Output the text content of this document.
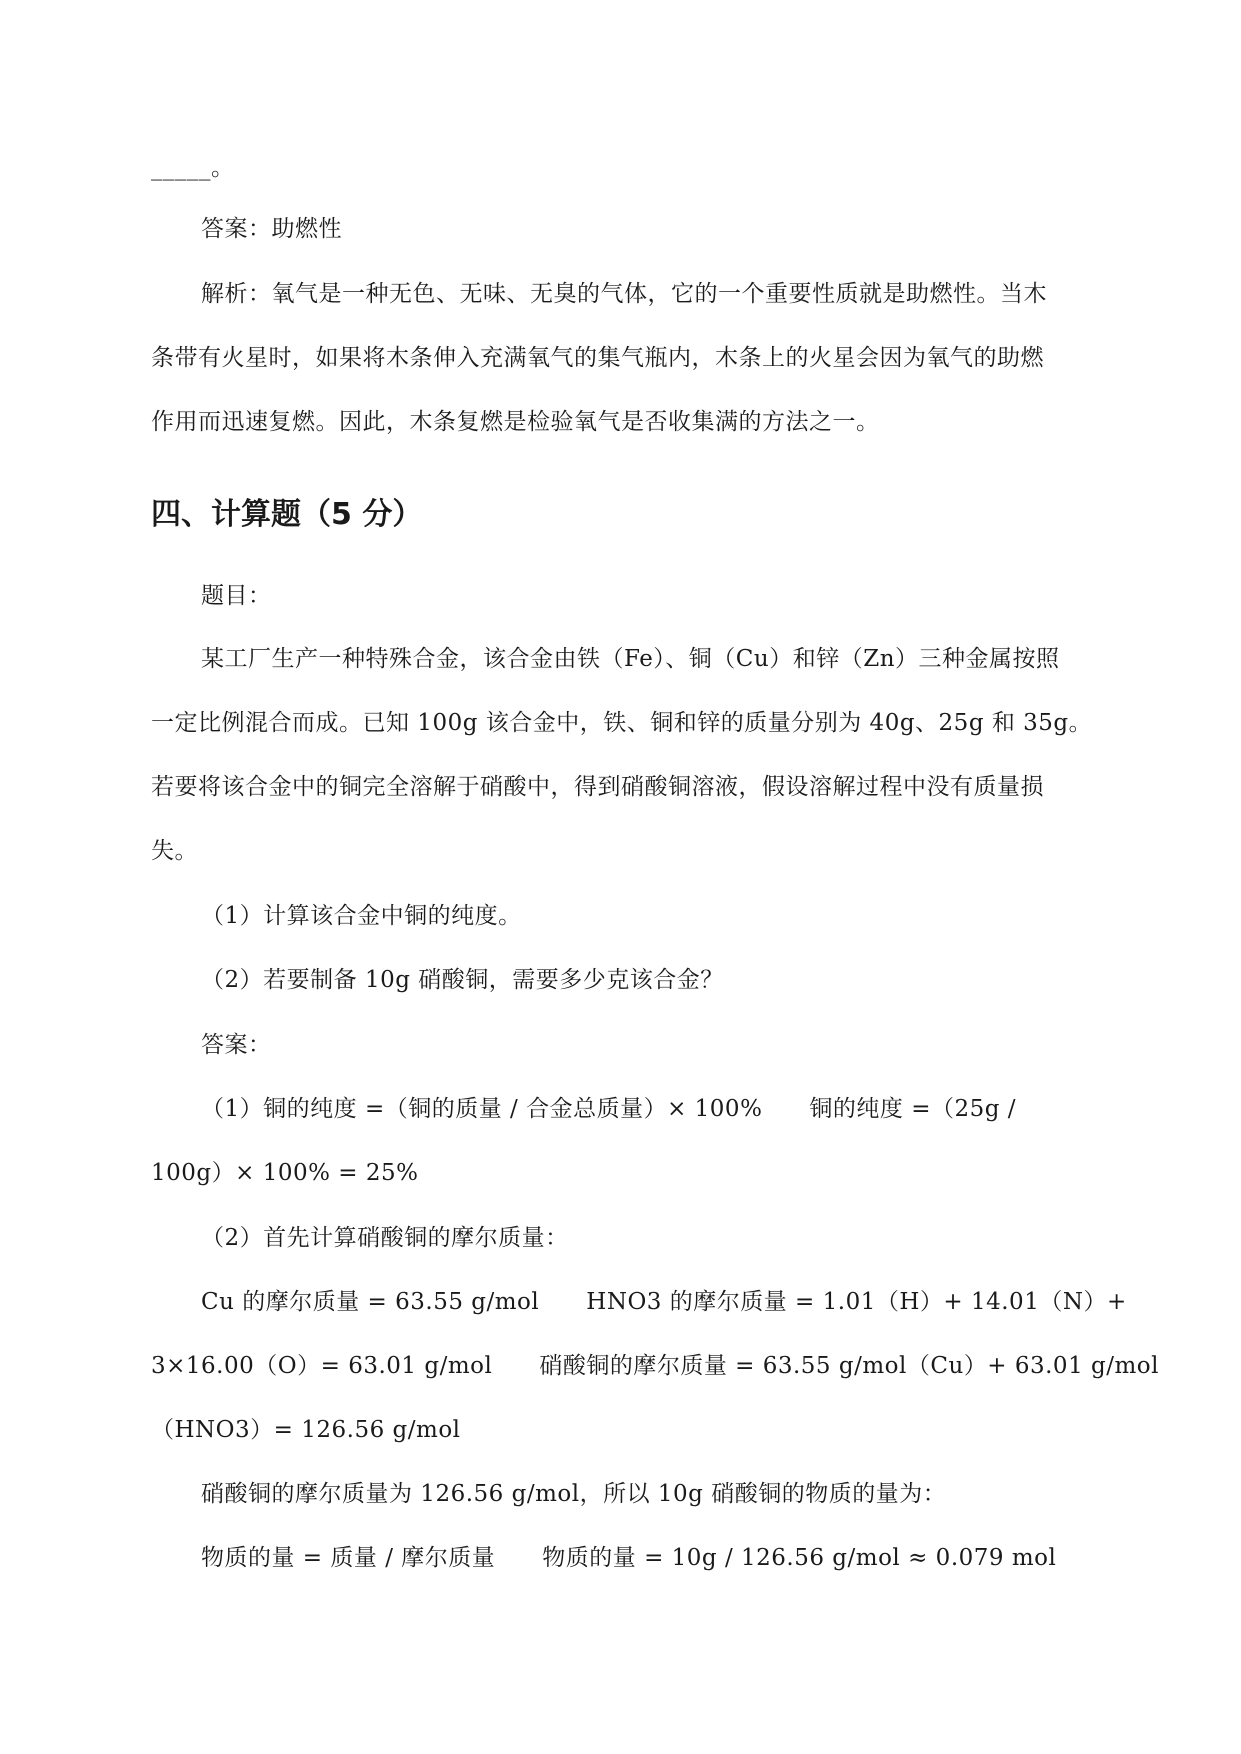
_____。
答案：助燃性
解析：氧气是一种无色、无味、无臭的气体，它的一个重要性质就是助燃性。当木
条带有火星时，如果将木条伸入充满氧气的集气瓶内，木条上的火星会因为氧气的助燃
作用而迅速复燃。因此，木条复燃是检验氧气是否收集满的方法之一。
四、计算题（5 分）
题目：
某工厂生产一种特殊合金，该合金由铁（Fe）、铜（Cu）和锌（Zn）三种金属按照
一定比例混合而成。已知 100g 该合金中，铁、铜和锌的质量分别为 40g、25g 和 35g。
若要将该合金中的铜完全溶解于硝酸中，得到硝酸铜溶液，假设溶解过程中没有质量损
失。
（1）计算该合金中铜的纯度。
（2）若要制备 10g 硝酸铜，需要多少克该合金？
答案：
（1）铜的纯度 =（铜的质量 / 合金总质量）× 100%　　铜的纯度 =（25g /
100g）× 100% = 25%
（2）首先计算硝酸铜的摩尔质量：
Cu 的摩尔质量 = 63.55 g/mol　　HNO3 的摩尔质量 = 1.01（H）+ 14.01（N）+
3×16.00（O）= 63.01 g/mol　　硝酸铜的摩尔质量 = 63.55 g/mol（Cu）+ 63.01 g/mol
（HNO3）= 126.56 g/mol
硝酸铜的摩尔质量为 126.56 g/mol，所以 10g 硝酸铜的物质的量为：
物质的量 = 质量 / 摩尔质量　　物质的量 = 10g / 126.56 g/mol ≈ 0.079 mol
